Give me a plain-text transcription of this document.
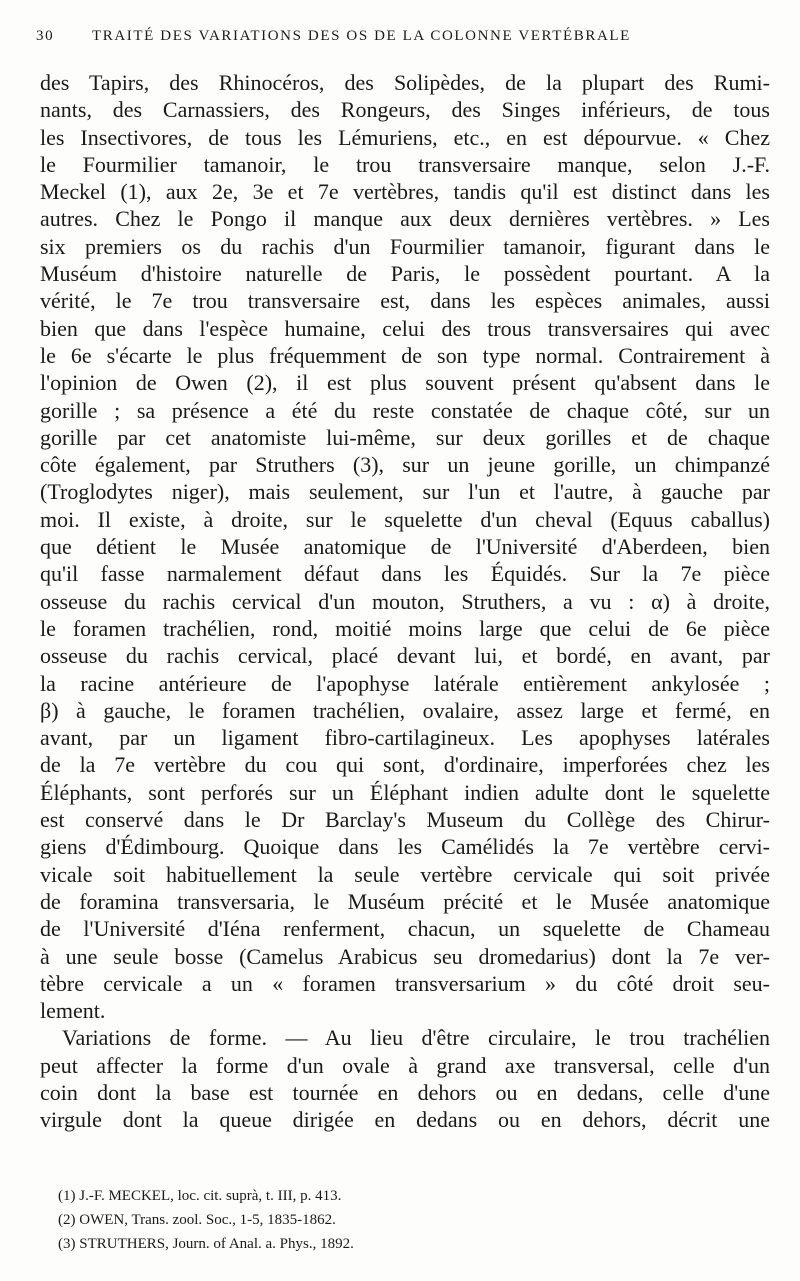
30	TRAITÉ DES VARIATIONS DES OS DE LA COLONNE VERTÉBRALE
des Tapirs, des Rhinocéros, des Solipèdes, de la plupart des Rumi-
nants, des Carnassiers, des Rongeurs, des Singes inférieurs, de tous
les Insectivores, de tous les Lémuriens, etc., en est dépourvue. « Chez
le Fourmilier tamanoir, le trou transversaire manque, selon J.-F.
Meckel (1), aux 2e, 3e et 7e vertèbres, tandis qu'il est distinct dans les
autres. Chez le Pongo il manque aux deux dernières vertèbres. » Les
six premiers os du rachis d'un Fourmilier tamanoir, figurant dans le
Muséum d'histoire naturelle de Paris, le possèdent pourtant. A la
vérité, le 7e trou transversaire est, dans les espèces animales, aussi
bien que dans l'espèce humaine, celui des trous transversaires qui avec
le 6e s'écarte le plus fréquemment de son type normal. Contrairement à
l'opinion de Owen (2), il est plus souvent présent qu'absent dans le
gorille ; sa présence a été du reste constatée de chaque côté, sur un
gorille par cet anatomiste lui-même, sur deux gorilles et de chaque
côte également, par Struthers (3), sur un jeune gorille, un chimpanzé
(Troglodytes niger), mais seulement, sur l'un et l'autre, à gauche par
moi. Il existe, à droite, sur le squelette d'un cheval (Equus caballus)
que détient le Musée anatomique de l'Université d'Aberdeen, bien
qu'il fasse narmalement défaut dans les Équidés. Sur la 7e pièce
osseuse du rachis cervical d'un mouton, Struthers, a vu : α) à droite,
le foramen trachélien, rond, moitié moins large que celui de 6e pièce
osseuse du rachis cervical, placé devant lui, et bordé, en avant, par
la racine antérieure de l'apophyse latérale entièrement ankylosée ;
β) à gauche, le foramen trachélien, ovalaire, assez large et fermé, en
avant, par un ligament fibro-cartilagineux. Les apophyses latérales
de la 7e vertèbre du cou qui sont, d'ordinaire, imperforées chez les
Éléphants, sont perforés sur un Éléphant indien adulte dont le squelette
est conservé dans le Dr Barclay's Museum du Collège des Chirur-
giens d'Édimbourg. Quoique dans les Camélidés la 7e vertèbre cervi-
vicale soit habituellement la seule vertèbre cervicale qui soit privée
de foramina transversaria, le Muséum précité et le Musée anatomique
de l'Université d'Iéna renferment, chacun, un squelette de Chameau
à une seule bosse (Camelus Arabicus seu dromedarius) dont la 7e ver-
tèbre cervicale a un « foramen transversarium » du côté droit seu-
lement.
Variations de forme. — Au lieu d'être circulaire, le trou trachélien
peut affecter la forme d'un ovale à grand axe transversal, celle d'un
coin dont la base est tournée en dehors ou en dedans, celle d'une
virgule dont la queue dirigée en dedans ou en dehors, décrit une
(1) J.-F. MECKEL, loc. cit. suprà, t. III, p. 413.
(2) OWEN, Trans. zool. Soc., 1-5, 1835-1862.
(3) STRUTHERS, Journ. of Anal. a. Phys., 1892.
